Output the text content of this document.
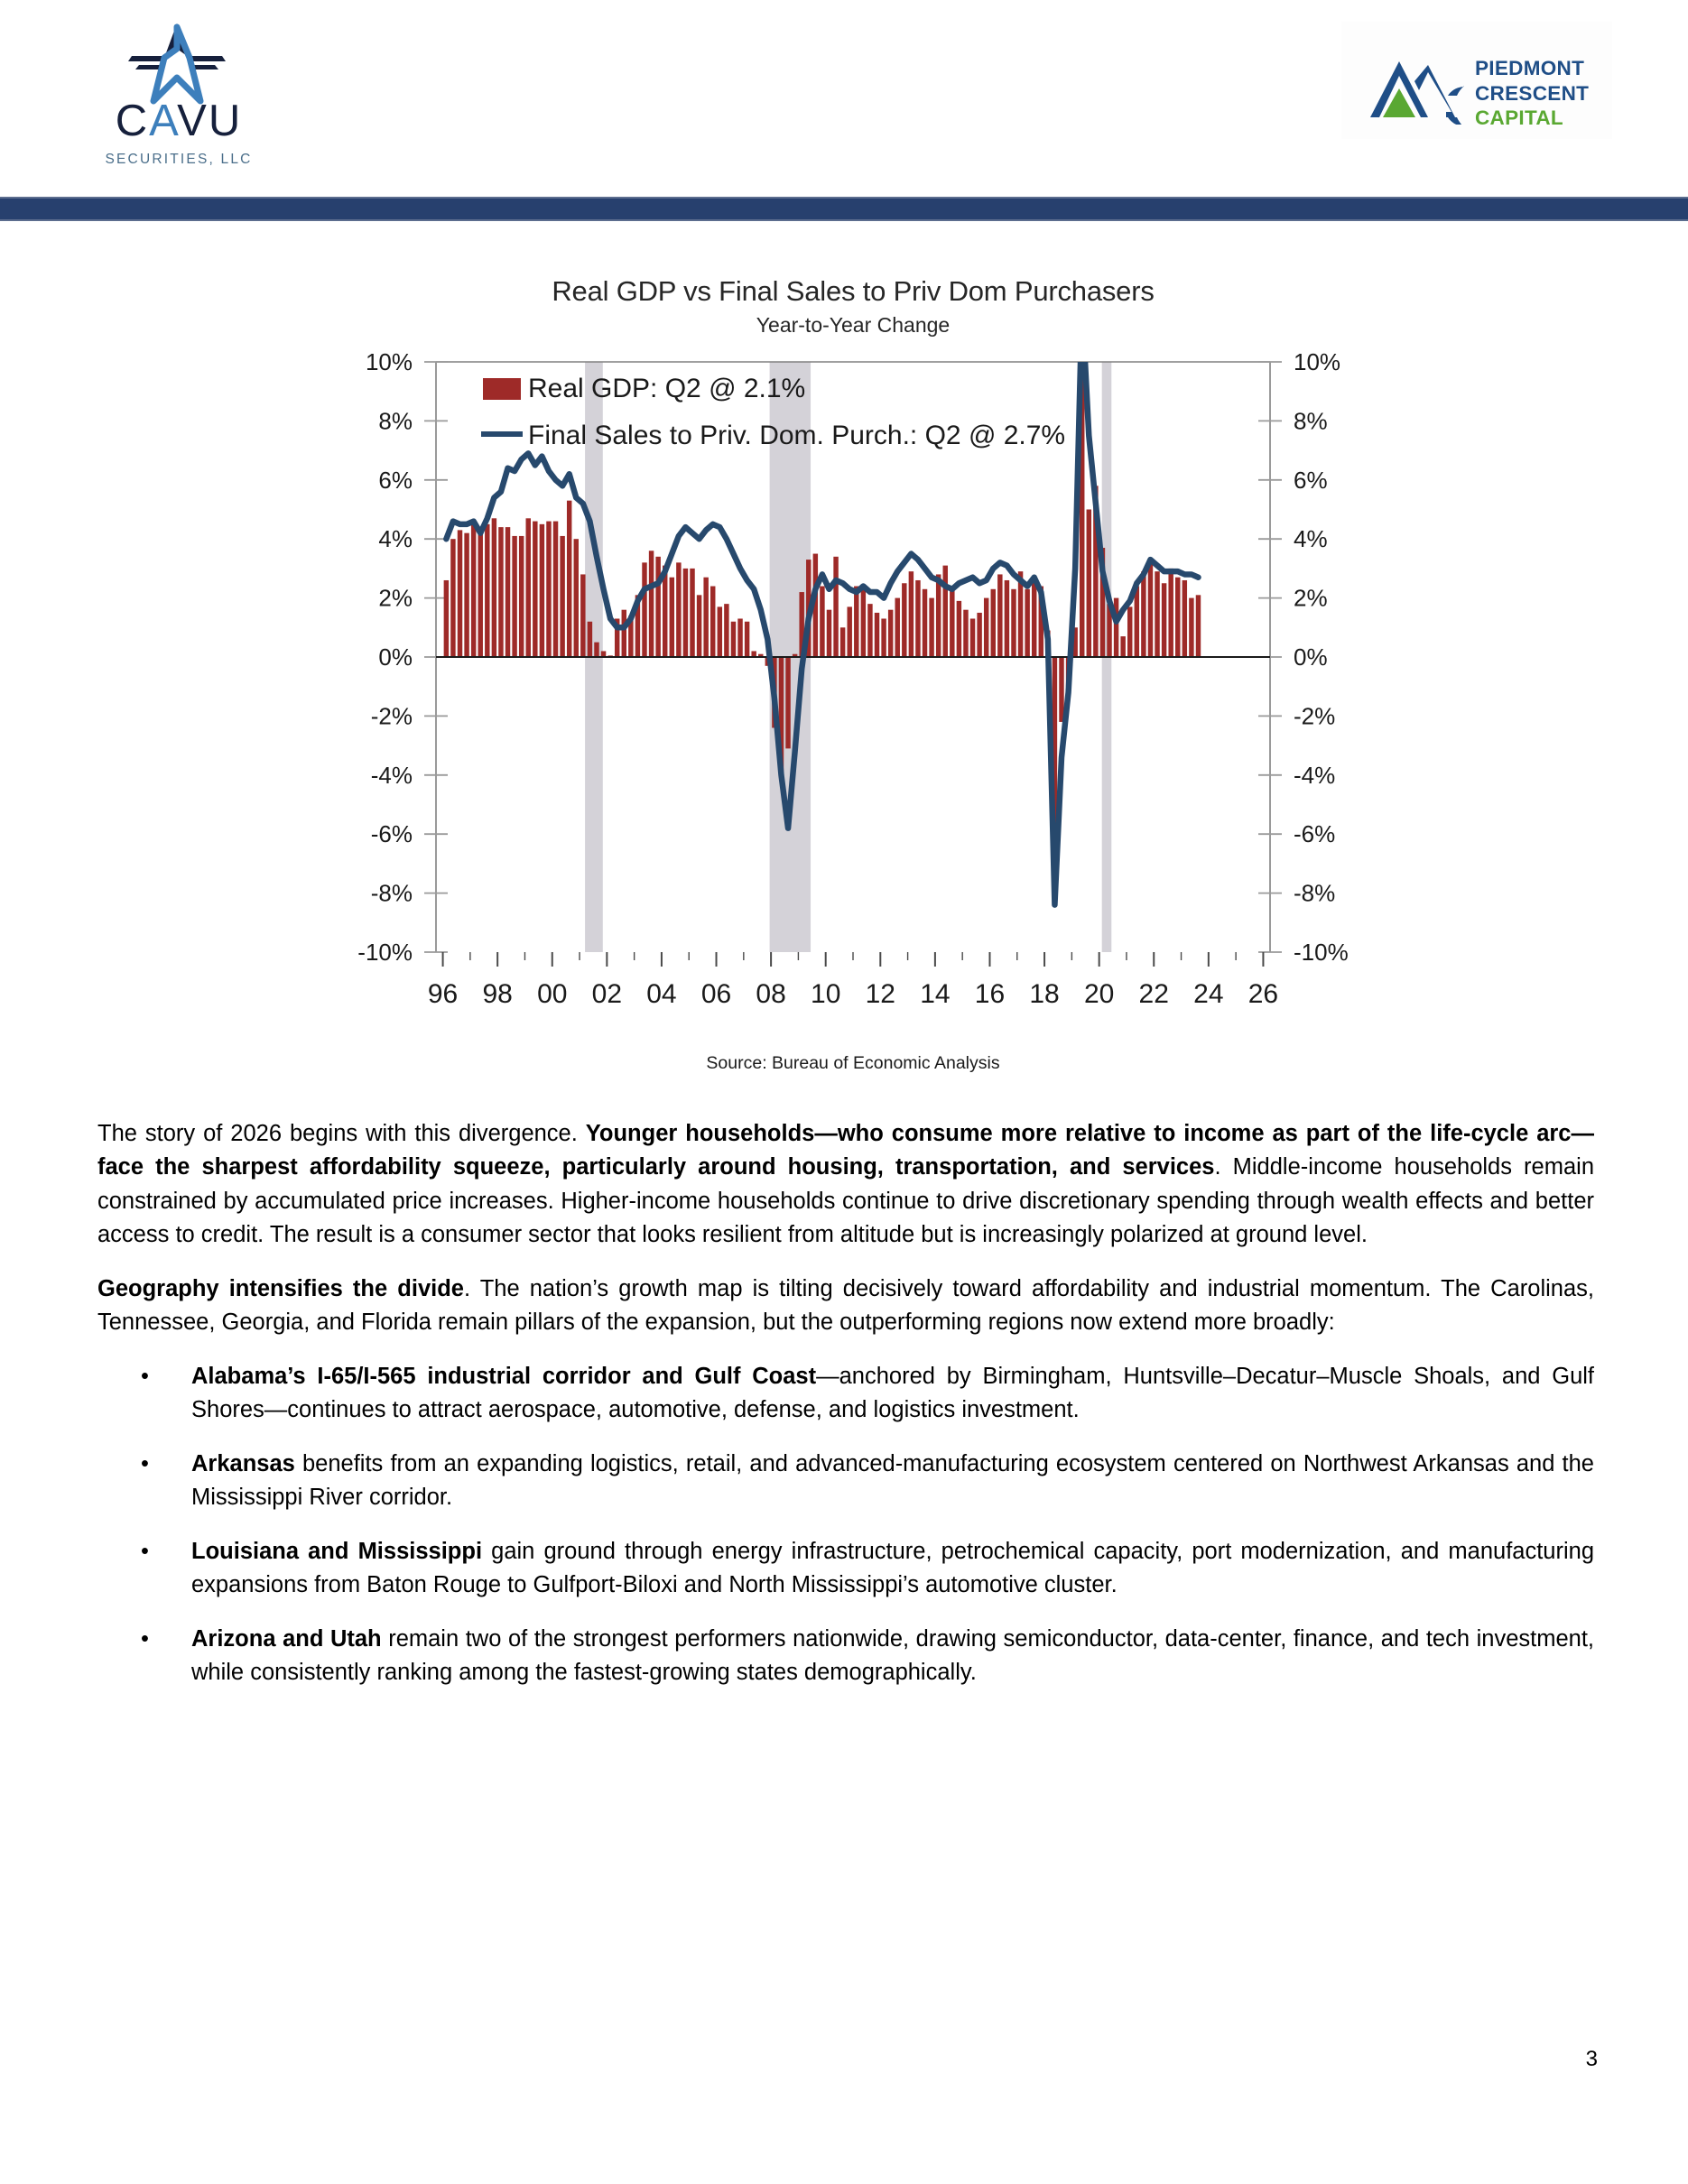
CAVU
SECURITIES, LLC
PIEDMONT
CRESCENT
CAPITAL
Real GDP vs Final Sales to Priv Dom Purchasers
Year-to-Year Change
10%	10%
8%	8%
6%	6%
4%	4%
2%	2%
0%	0%
-2%	-2%
-4%	-4%
-6%	-6%
-8%	-8%
-10%	-10%
96 98 00 02 04 06 08 10 12 14 16 18 20 22 24 26
Real GDP: Q2 @ 2.1%
Final Sales to Priv. Dom. Purch.: Q2 @ 2.7%
Source: Bureau of Economic Analysis

The story of 2026 begins with this divergence. Younger households—who consume more relative to income as part of the life-cycle arc—face the sharpest affordability squeeze, particularly around housing, transportation, and services. Middle-income households remain constrained by accumulated price increases. Higher-income households continue to drive discretionary spending through wealth effects and better access to credit. The result is a consumer sector that looks resilient from altitude but is increasingly polarized at ground level.

Geography intensifies the divide. The nation’s growth map is tilting decisively toward affordability and industrial momentum. The Carolinas, Tennessee, Georgia, and Florida remain pillars of the expansion, but the outperforming regions now extend more broadly:

• Alabama’s I-65/I-565 industrial corridor and Gulf Coast—anchored by Birmingham, Huntsville–Decatur–Muscle Shoals, and Gulf Shores—continues to attract aerospace, automotive, defense, and logistics investment.
• Arkansas benefits from an expanding logistics, retail, and advanced-manufacturing ecosystem centered on Northwest Arkansas and the Mississippi River corridor.
• Louisiana and Mississippi gain ground through energy infrastructure, petrochemical capacity, port modernization, and manufacturing expansions from Baton Rouge to Gulfport-Biloxi and North Mississippi’s automotive cluster.
• Arizona and Utah remain two of the strongest performers nationwide, drawing semiconductor, data-center, finance, and tech investment, while consistently ranking among the fastest-growing states demographically.
3
